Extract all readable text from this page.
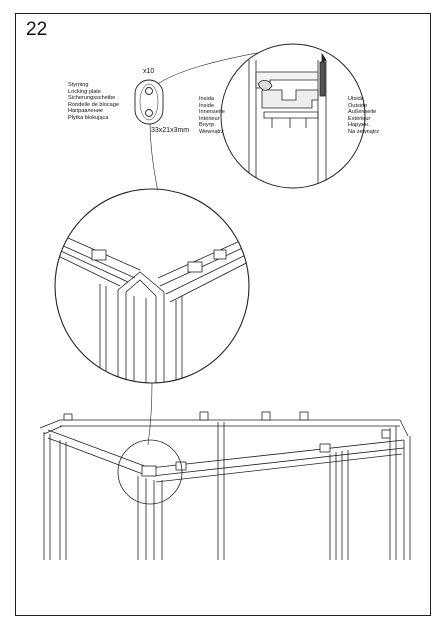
22
x10
Styrning
Locking plate
Sicherungsscheibe
Rondelle de blocage
Направление
Płytka blokująca
33x21x3mm
Insida
Inside
Innenseite
Intérieur
Внутр.
Wewnątrz
Utsida
Outside
Außenseite
Extérieur
Наружн.
Na zewnątrz
